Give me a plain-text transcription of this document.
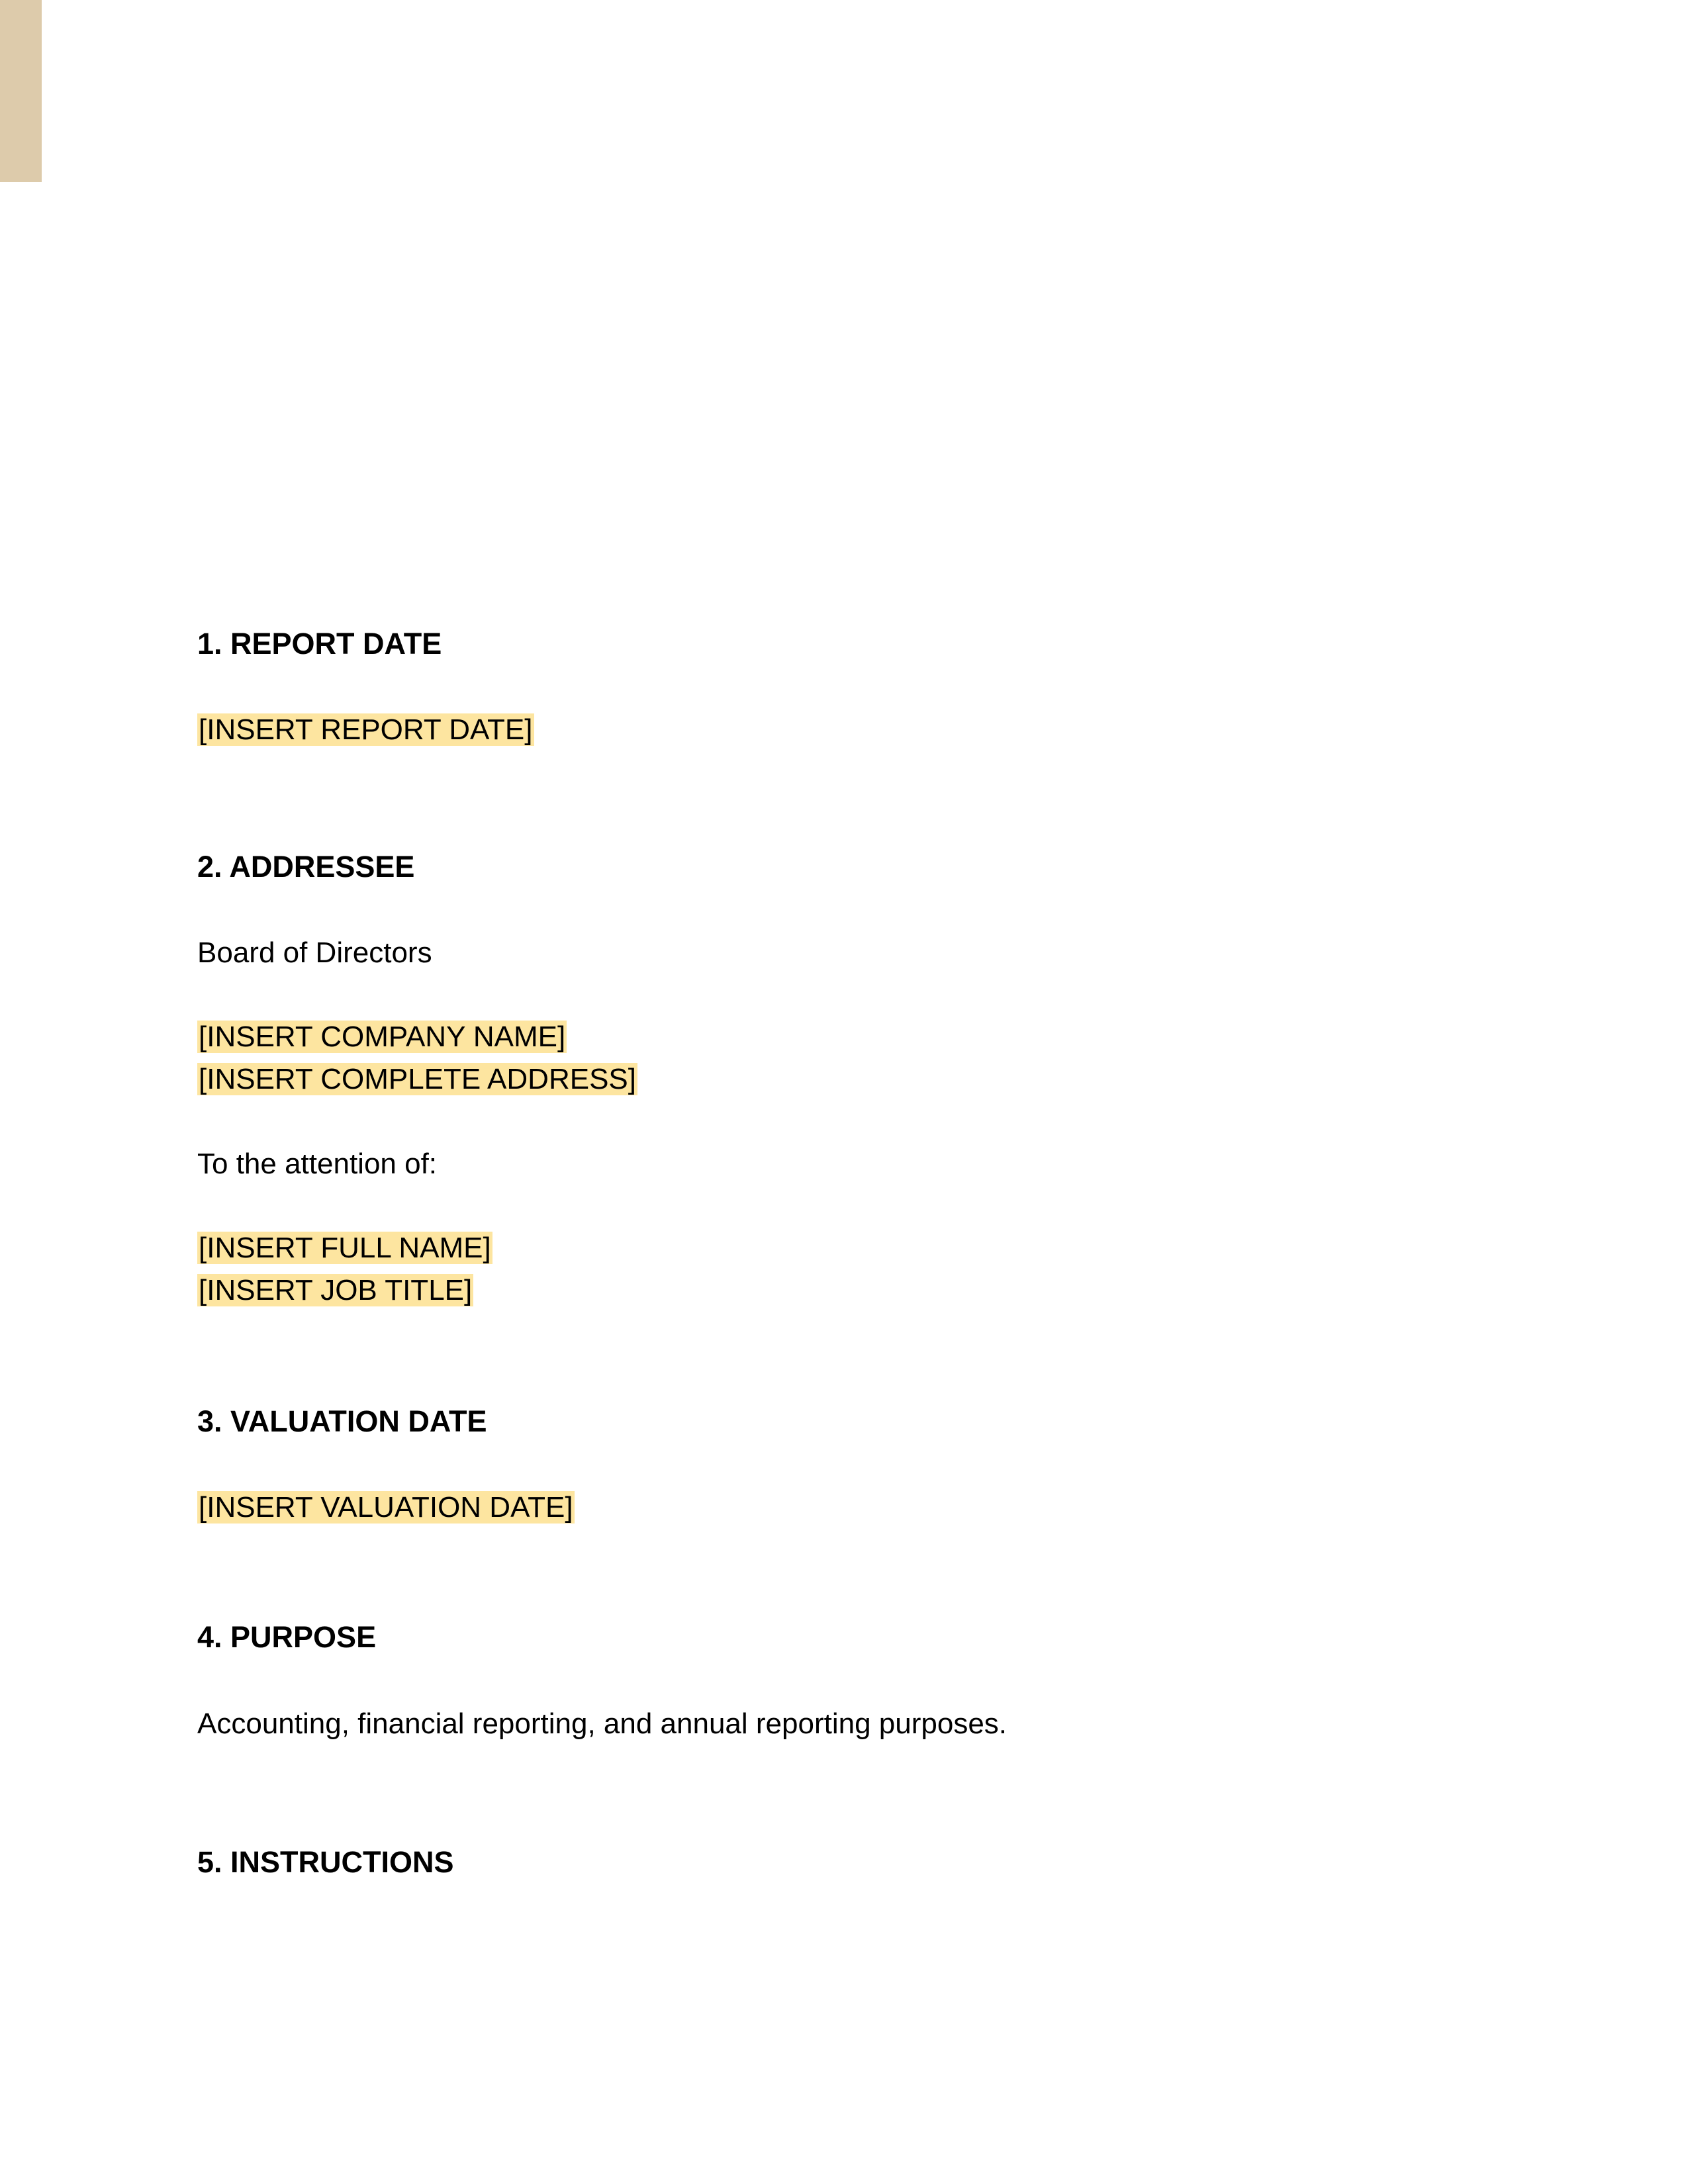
1. REPORT DATE
[INSERT REPORT DATE]
2. ADDRESSEE
Board of Directors
[INSERT COMPANY NAME]
[INSERT COMPLETE ADDRESS]
To the attention of:
[INSERT FULL NAME]
[INSERT JOB TITLE]
3. VALUATION DATE
[INSERT VALUATION DATE]
4. PURPOSE
Accounting, financial reporting, and annual reporting purposes.
5. INSTRUCTIONS
